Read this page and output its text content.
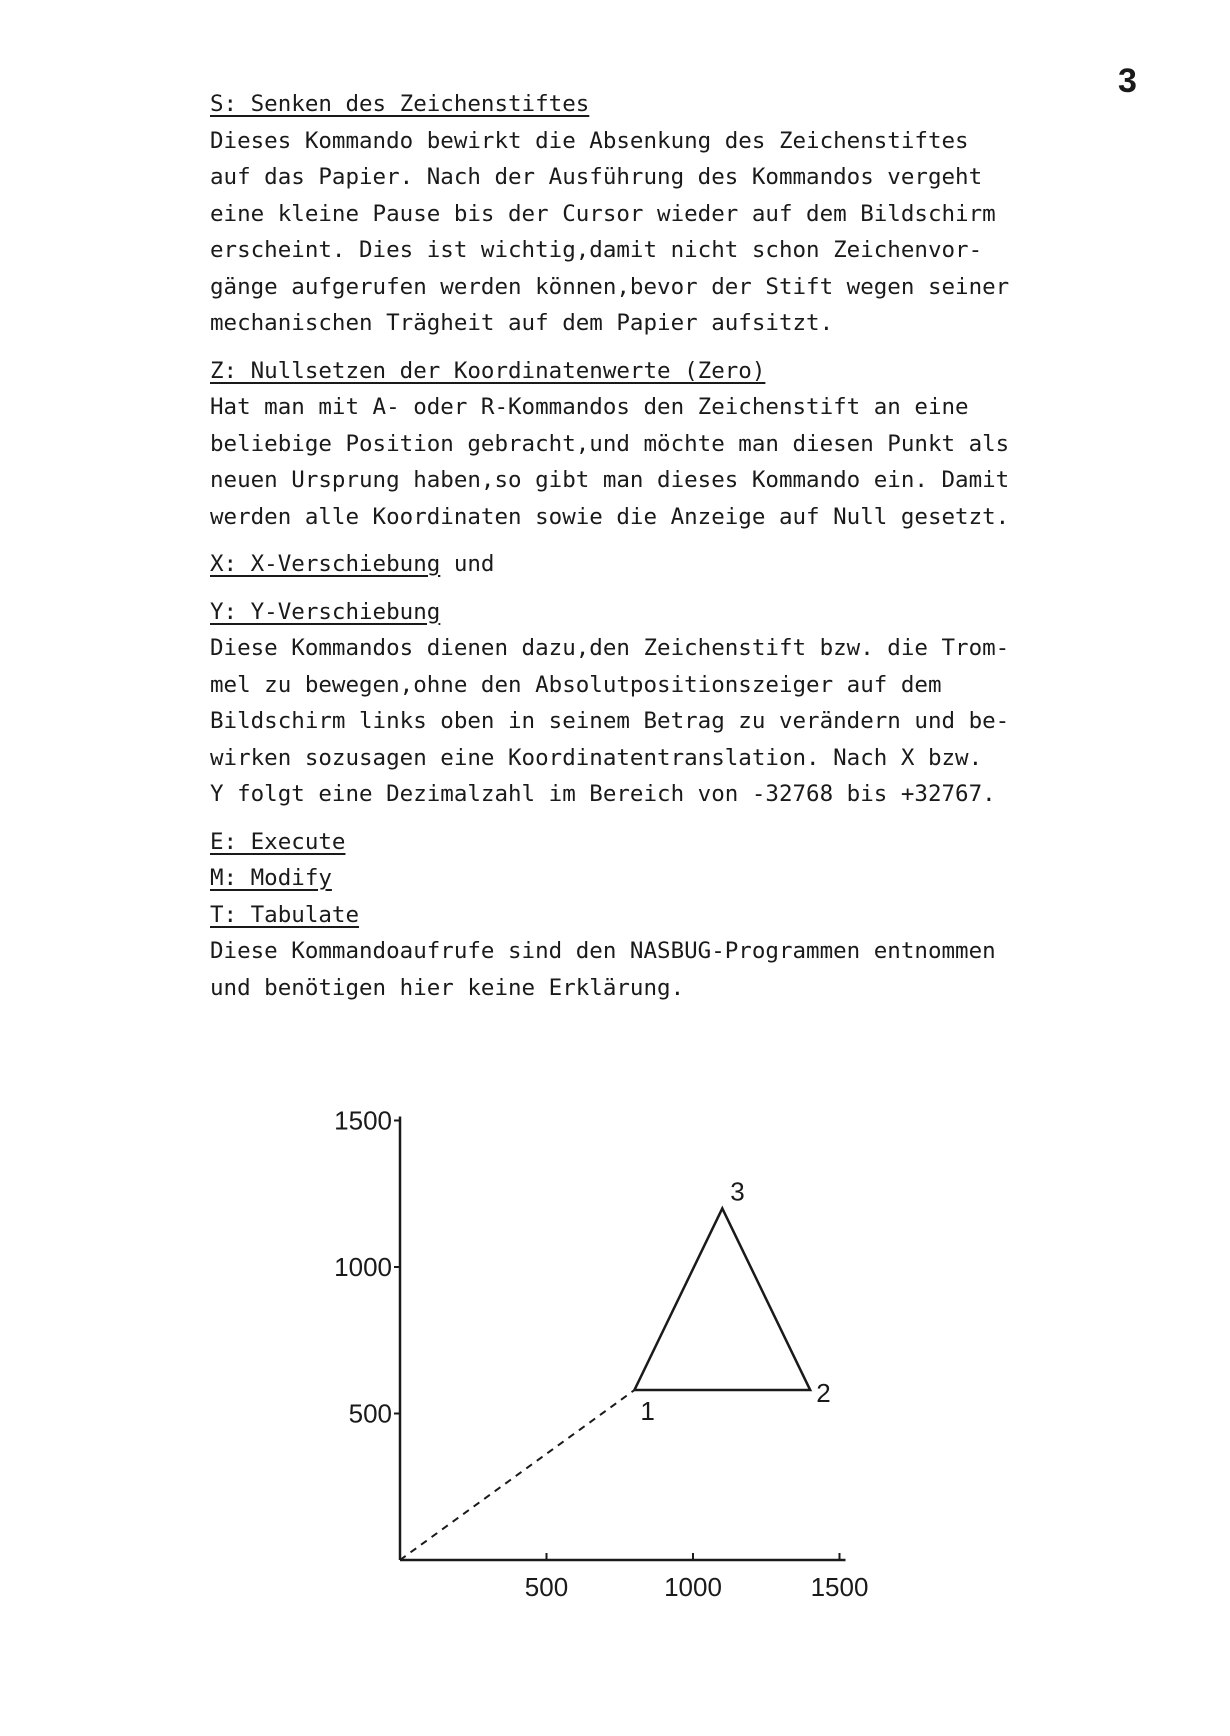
3
S: Senken des Zeichenstiftes
Dieses Kommando bewirkt die Absenkung des Zeichenstiftes
auf das Papier. Nach der Ausführung des Kommandos vergeht
eine kleine Pause bis der Cursor wieder auf dem Bildschirm
erscheint. Dies ist wichtig,damit nicht schon Zeichenvor-
gänge aufgerufen werden können,bevor der Stift wegen seiner
mechanischen Trägheit auf dem Papier aufsitzt.
Z: Nullsetzen der Koordinatenwerte (Zero)
Hat man mit A- oder R-Kommandos den Zeichenstift an eine
beliebige Position gebracht,und möchte man diesen Punkt als
neuen Ursprung haben,so gibt man dieses Kommando ein. Damit
werden alle Koordinaten sowie die Anzeige auf Null gesetzt.
X: X-Verschiebung und
Y: Y-Verschiebung
Diese Kommandos dienen dazu,den Zeichenstift bzw. die Trom-
mel zu bewegen,ohne den Absolutpositionszeiger auf dem
Bildschirm links oben in seinem Betrag zu verändern und be-
wirken sozusagen eine Koordinatentranslation. Nach X bzw.
Y folgt eine Dezimalzahl im Bereich von -32768 bis +32767.
E: Execute
M: Modify
T: Tabulate
Diese Kommandoaufrufe sind den NASBUG-Programmen entnommen
und benötigen hier keine Erklärung.
500
1000
1500
500	1000	1500
1
2
3
